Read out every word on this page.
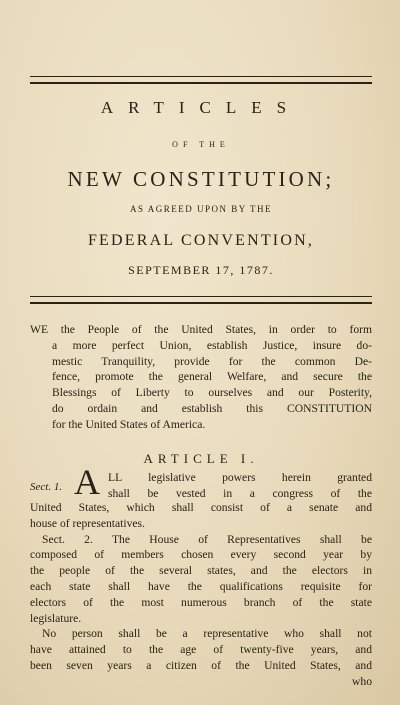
ARTICLES
OF THE
NEW CONSTITUTION;
AS AGREED UPON BY THE
FEDERAL CONVENTION,
SEPTEMBER 17, 1787.
WE the People of the United States, in order to form
a more perfect Union, establish Justice, insure do-
mestic Tranquility, provide for the common De-
fence, promote the general Welfare, and secure the
Blessings of Liberty to ourselves and our Posterity,
do ordain and establish this CONSTITUTION
for the United States of America.
ARTICLE I.
Sect. 1. A LL legislative powers herein granted
shall be vested in a congress of the
United States, which shall consist of a senate and
house of representatives.
Sect. 2. The House of Representatives shall be
composed of members chosen every second year by
the people of the several states, and the electors in
each state shall have the qualifications requisite for
electors of the most numerous branch of the state
legislature.
No person shall be a representative who shall not
have attained to the age of twenty-five years, and
been seven years a citizen of the United States, and
who
